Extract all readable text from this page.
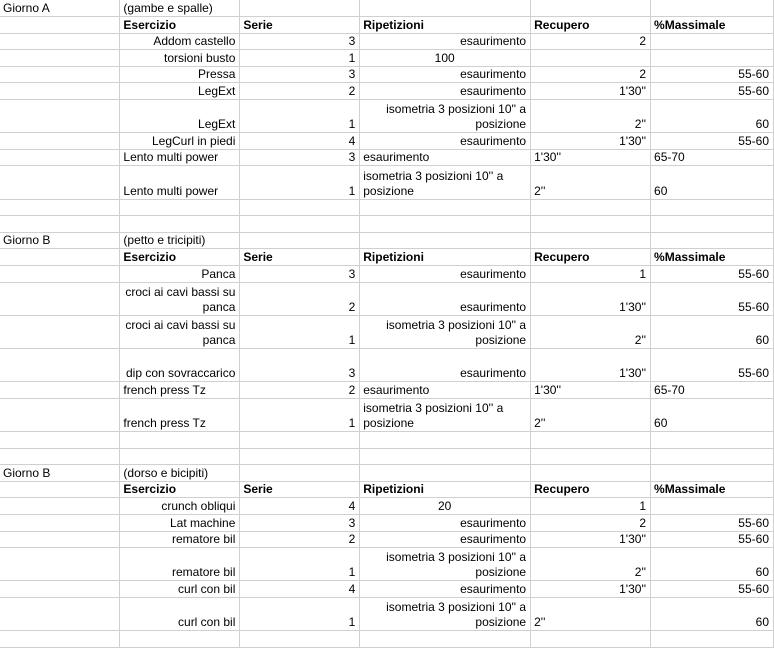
Giorno A	(gambe e spalle)				
	Esercizio	Serie	Ripetizioni	Recupero	%Massimale
	Addom castello	3	esaurimento	2	
	torsioni busto	1	100		
	Pressa	3	esaurimento	2	55-60
	LegExt	2	esaurimento	1'30''	55-60
	LegExt	1	isometria 3 posizioni 10'' a posizione	2''	60
	LegCurl in piedi	4	esaurimento	1'30''	55-60
	Lento multi power	3	esaurimento	1'30''	65-70
	Lento multi power	1	isometria 3 posizioni 10'' a posizione	2''	60

Giorno B	(petto e tricipiti)				
	Esercizio	Serie	Ripetizioni	Recupero	%Massimale
	Panca	3	esaurimento	1	55-60
	croci ai cavi bassi su panca	2	esaurimento	1'30''	55-60
	croci ai cavi bassi su panca	1	isometria 3 posizioni 10'' a posizione	2''	60
	dip con sovraccarico	3	esaurimento	1'30''	55-60
	french press Tz	2	esaurimento	1'30''	65-70
	french press Tz	1	isometria 3 posizioni 10'' a posizione	2''	60

Giorno B	(dorso e bicipiti)				
	Esercizio	Serie	Ripetizioni	Recupero	%Massimale
	crunch obliqui	4	20	1	
	Lat machine	3	esaurimento	2	55-60
	rematore bil	2	esaurimento	1'30''	55-60
	rematore bil	1	isometria 3 posizioni 10'' a posizione	2''	60
	curl con bil	4	esaurimento	1'30''	55-60
	curl con bil	1	isometria 3 posizioni 10'' a posizione	2''	60
